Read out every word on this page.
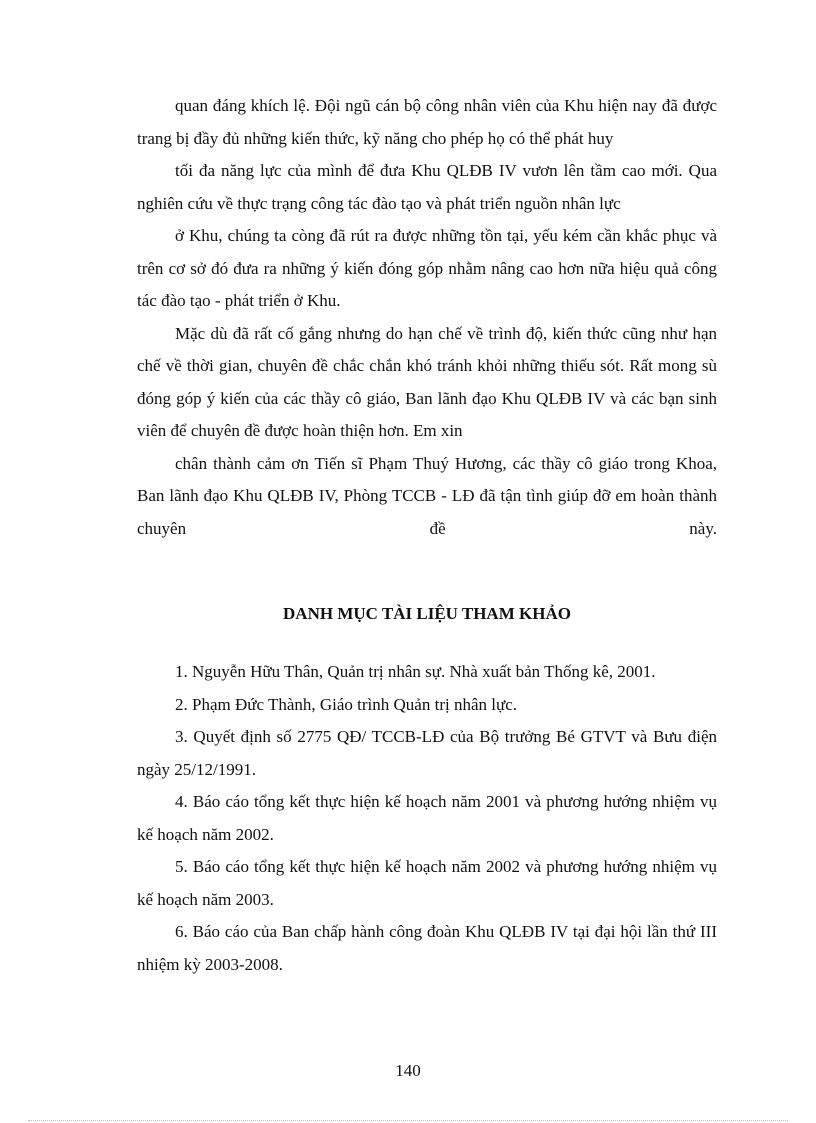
quan đáng khích lệ. Đội ngũ cán bộ công nhân viên của Khu hiện nay đã được trang bị đầy đủ những kiến thức, kỹ năng cho phép họ có thể phát huy

tối đa năng lực của mình để đưa Khu QLĐB IV vươn lên tầm cao mới. Qua nghiên cứu về thực trạng công tác đào tạo và phát triển nguồn nhân lực

ở Khu, chúng ta còng đã rút ra được những tồn tại, yếu kém cần khắc phục và trên cơ sở đó đưa ra những ý kiến đóng góp nhằm nâng cao hơn nữa hiệu quả công tác đào tạo - phát triển ở Khu.

Mặc dù đã rất cố gắng nhưng do hạn chế về trình độ, kiến thức cũng như hạn chế về thời gian, chuyên đề chắc chắn khó tránh khỏi những thiếu sót. Rất mong sù đóng góp ý kiến của các thầy cô giáo, Ban lãnh đạo Khu QLĐB IV và các bạn sinh viên để chuyên đề được hoàn thiện hơn. Em xin

chân thành cảm ơn Tiến sĩ Phạm Thuý Hương, các thầy cô giáo trong Khoa, Ban lãnh đạo Khu QLĐB IV, Phòng TCCB - LĐ đã tận tình giúp đỡ em hoàn thành chuyên đề này.

DANH MỤC TÀI LIỆU THAM KHẢO
1. Nguyễn Hữu Thân, Quản trị nhân sự. Nhà xuất bản Thống kê, 2001.
2. Phạm Đức Thành, Giáo trình Quản trị nhân lực.
3. Quyết định số 2775 QĐ/ TCCB-LĐ của Bộ trưởng Bé GTVT và Bưu điện ngày 25/12/1991.
4. Báo cáo tổng kết thực hiện kế hoạch năm 2001 và phương hướng nhiệm vụ kế hoạch năm 2002.
5. Báo cáo tổng kết thực hiện kế hoạch năm 2002 và phương hướng nhiệm vụ kế hoạch năm 2003.
6. Báo cáo của Ban chấp hành công đoàn Khu QLĐB IV tại đại hội lần thứ III nhiệm kỳ 2003-2008.
140
